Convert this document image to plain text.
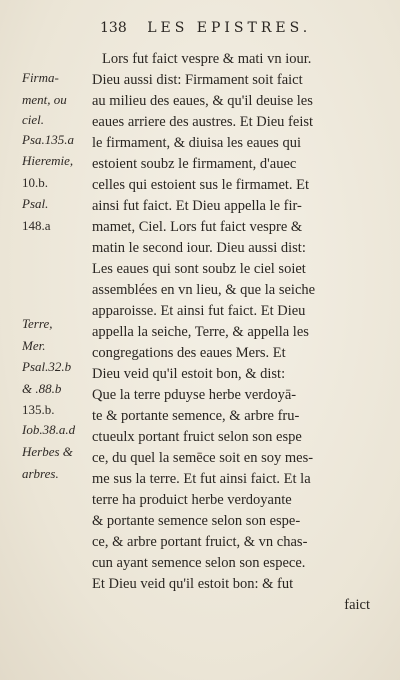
138 LES EPISTRES.
Firma-
ment, ou
ciel.
Psa.135.a
Hieremie,
10.b.
Psal.
148.a
Terre,
Mer.
Psal.32.b
& .88.b
135.b.
Iob.38.a.d
Herbes &
arbres.
Lors fut faict vespre & mati vn iour.
Dieu aussi dist: Firmament soit faict
au milieu des eaues, & qu'il deuise les
eaues arriere des austres. Et Dieu feist
le firmament, & diuisa les eaues qui
estoient soubz le firmament, d'auec
celles qui estoient sus le firmamet. Et
ainsi fut faict. Et Dieu appella le fir-
mamet, Ciel. Lors fut faict vespre &
matin le second iour. Dieu aussi dist:
Les eaues qui sont soubz le ciel soiet
assemblées en vn lieu, & que la seiche
apparoisse. Et ainsi fut faict. Et Dieu
appella la seiche, Terre, & appella les
congregations des eaues Mers. Et
Dieu veid qu'il estoit bon, & dist:
Que la terre pduyse herbe verdoyā-
te & portante semence, & arbre fru-
ctueulx portant fruict selon son espe
ce, du quel la semēce soit en soy mes-
me sus la terre. Et fut ainsi faict. Et la
terre ha produict herbe verdoyante
& portante semence selon son espe-
ce, & arbre portant fruict, & vn chas-
cun ayant semence selon son espece.
Et Dieu veid qu'il estoit bon: & fut
faict
